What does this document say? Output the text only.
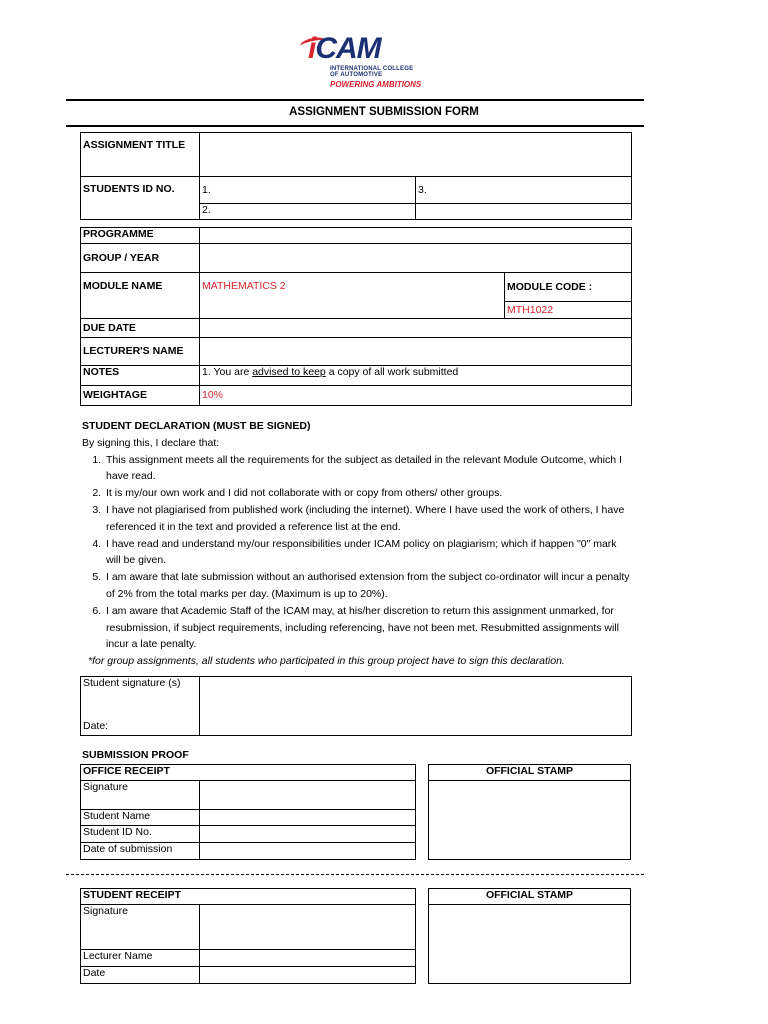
iCAM
INTERNATIONAL COLLEGE
OF AUTOMOTIVE
POWERING AMBITIONS
ASSIGNMENT SUBMISSION FORM
ASSIGNMENT TITLE		
STUDENTS ID NO.	1.	3.
	2.	
PROGRAMME		
GROUP / YEAR		
MODULE NAME	MATHEMATICS 2	MODULE CODE :
		MTH1022
DUE DATE		
LECTURER'S NAME		
NOTES	1. You are advised to keep a copy of all work submitted	
WEIGHTAGE	10%	
STUDENT DECLARATION (MUST BE SIGNED)
By signing this, I declare that:
1. This assignment meets all the requirements for the subject as detailed in the relevant Module Outcome, which I have read.
2. It is my/our own work and I did not collaborate with or copy from others/ other groups.
3. I have not plagiarised from published work (including the internet). Where I have used the work of others, I have referenced it in the text and provided a reference list at the end.
4. I have read and understand my/our responsibilities under ICAM policy on plagiarism; which if happen "0" mark will be given.
5. I am aware that late submission without an authorised extension from the subject co-ordinator will incur a penalty of 2% from the total marks per day. (Maximum is up to 20%).
6. I am aware that Academic Staff of the ICAM may, at his/her discretion to return this assignment unmarked, for resubmission, if subject requirements, including referencing, have not been met. Resubmitted assignments will incur a late penalty.
*for group assignments, all students who participated in this group project have to sign this declaration.
Student signature (s)
Date:

SUBMISSION PROOF
OFFICE RECEIPT	
Signature	
Student Name	
Student ID No.	
Date of submission	
OFFICIAL STAMP

STUDENT RECEIPT	
Signature	
Lecturer Name	
Date	
OFFICIAL STAMP
